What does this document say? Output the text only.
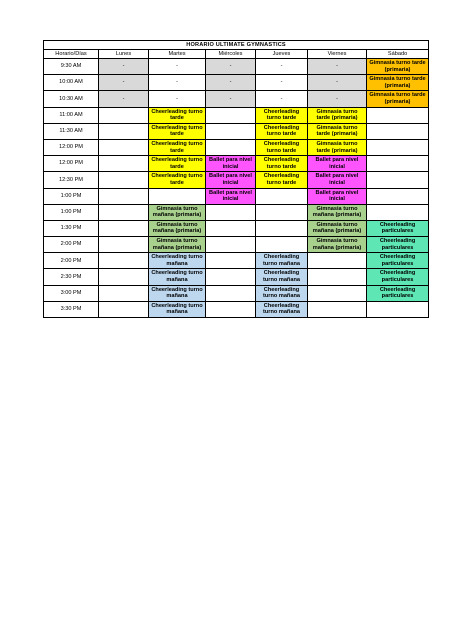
HORARIO ULTIMATE GYMNASTICS						
Horario/Días	Lunes	Martes	Miércoles	Jueves	Viernes	Sábado
9:30 AM	-	-	-	-	-	Gimnasia turno tarde (primaria)
10:00 AM	-	-	-	-	-	Gimnasia turno tarde (primaria)
10:30 AM	-	-	-	-	-	Gimnasia turno tarde (primaria)
11:00 AM		Cheerleading turno tarde		Cheerleading turno tarde	Gimnasia turno tarde (primaria)	
11:30 AM		Cheerleading turno tarde		Cheerleading turno tarde	Gimnasia turno tarde (primaria)	
12:00 PM		Cheerleading turno tarde		Cheerleading turno tarde	Gimnasia turno tarde (primaria)	
12:00 PM		Cheerleading turno tarde	Ballet para nivel inicial	Cheerleading turno tarde	Ballet para nivel inicial	
12:30 PM		Cheerleading turno tarde	Ballet para nivel inicial	Cheerleading turno tarde	Ballet para nivel inicial	
1:00 PM			Ballet para nivel inicial		Ballet para nivel inicial	
1:00 PM		Gimnasia turno mañana (primaria)			Gimnasia turno mañana (primaria)	
1:30 PM		Gimnasia turno mañana (primaria)			Gimnasia turno mañana (primaria)	Cheerleading particulares
2:00 PM		Gimnasia turno mañana (primaria)			Gimnasia turno mañana (primaria)	Cheerleading particulares
2:00 PM		Cheerleading turno mañana		Cheerleading turno mañana		Cheerleading particulares
2:30 PM		Cheerleading turno mañana		Cheerleading turno mañana		Cheerleading particulares
3:00 PM		Cheerleading turno mañana		Cheerleading turno mañana		Cheerleading particulares
3:30 PM		Cheerleading turno mañana		Cheerleading turno mañana		
